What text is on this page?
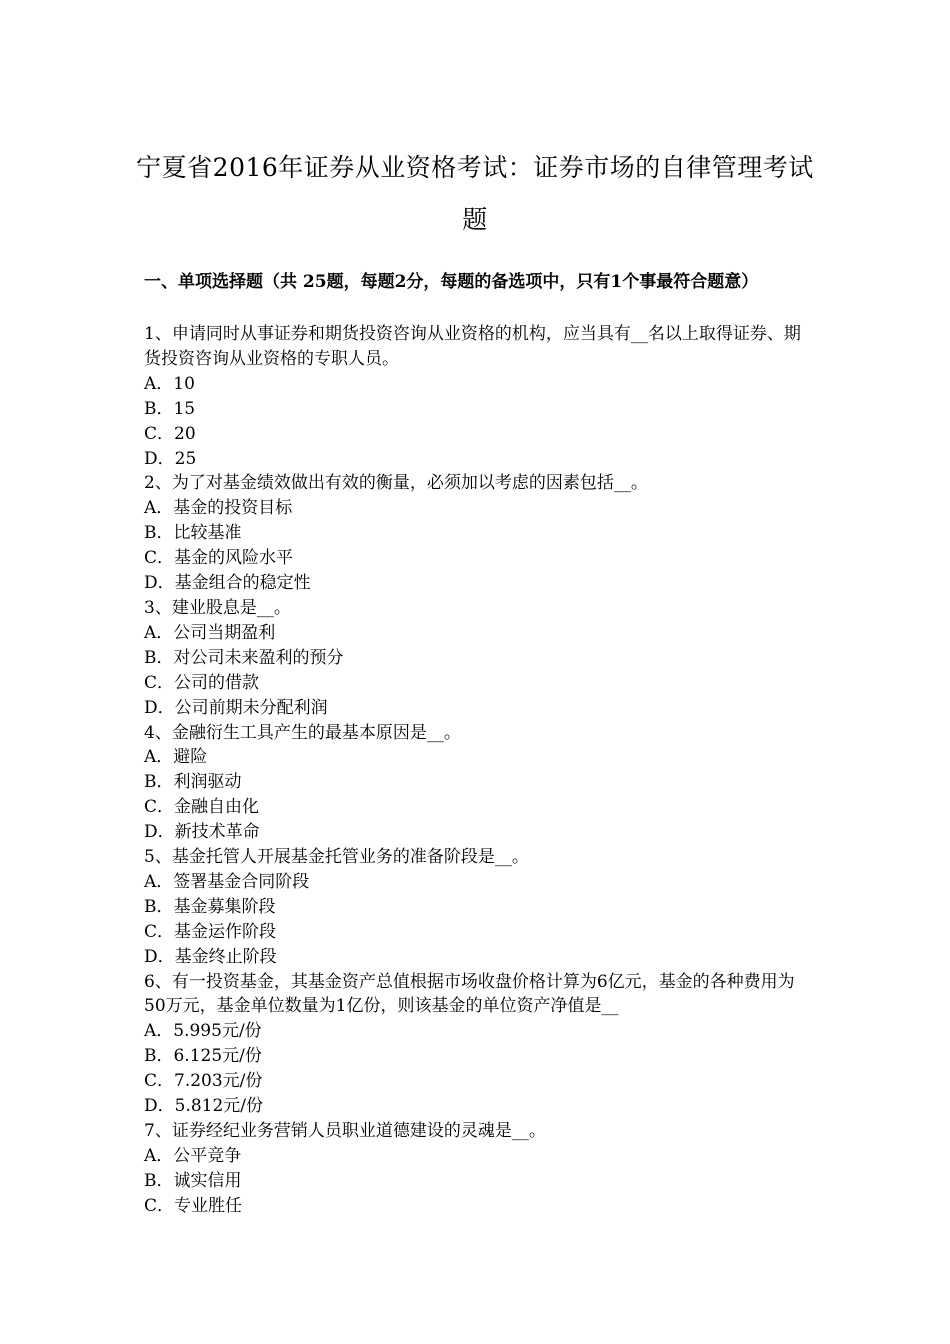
宁夏省2016年证券从业资格考试：证券市场的自律管理考试题
一、单项选择题（共 25题，每题2分，每题的备选项中，只有1个事最符合题意）
1、申请同时从事证券和期货投资咨询从业资格的机构，应当具有__名以上取得证券、期货投资咨询从业资格的专职人员。
A．10
B．15
C．20
D．25
2、为了对基金绩效做出有效的衡量，必须加以考虑的因素包括__。
A．基金的投资目标
B．比较基准
C．基金的风险水平
D．基金组合的稳定性
3、建业股息是__。
A．公司当期盈利
B．对公司未来盈利的预分
C．公司的借款
D．公司前期未分配利润
4、金融衍生工具产生的最基本原因是__。
A．避险
B．利润驱动
C．金融自由化
D．新技术革命
5、基金托管人开展基金托管业务的准备阶段是__。
A．签署基金合同阶段
B．基金募集阶段
C．基金运作阶段
D．基金终止阶段
6、有一投资基金，其基金资产总值根据市场收盘价格计算为6亿元，基金的各种费用为50万元，基金单位数量为1亿份，则该基金的单位资产净值是__
A．5.995元/份
B．6.125元/份
C．7.203元/份
D．5.812元/份
7、证券经纪业务营销人员职业道德建设的灵魂是__。
A．公平竞争
B．诚实信用
C．专业胜任
